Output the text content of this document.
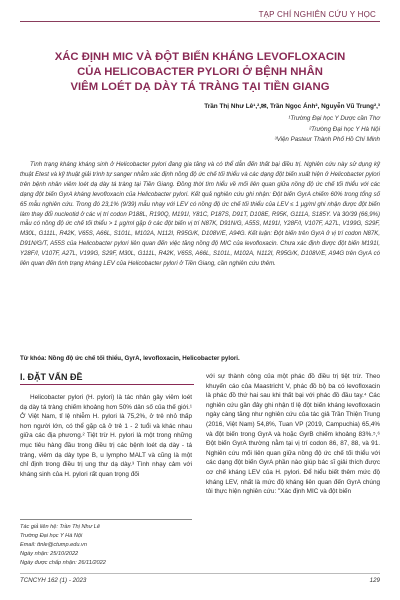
TẠP CHÍ NGHIÊN CỨU Y HỌC
XÁC ĐỊNH MIC VÀ ĐỘT BIẾN KHÁNG LEVOFLOXACIN
CỦA HELICOBACTER PYLORI Ở BỆNH NHÂN
VIÊM LOÉT DẠ DÀY TÁ TRÀNG TẠI TIỀN GIANG
Trần Thị Như Lê¹,²,✉, Trần Ngọc Ánh², Nguyễn Vũ Trung²,³
¹Trường Đại học Y Dược cần Thơ
²Trường Đại học Y Hà Nội
³Viện Pasteur Thành Phố Hồ Chí Minh
Tình trạng kháng kháng sinh ở Helicobacter pylori đang gia tăng và có thể dẫn đến thất bại điều trị. Nghiên cứu này sử dụng kỹ thuật Etest và kỹ thuật giải trình tự sanger nhằm xác định nồng độ ức chế tối thiểu và các dạng đột biến xuất hiện ở Helicobacter pylori trên bệnh nhân viêm loét dạ dày tá tràng tại Tiền Giang. Đồng thời tìm hiểu về mối liên quan giữa nồng độ ức chế tối thiểu với các dạng đột biến GyrA kháng levofloxacin của Helicobacter pylori. Kết quả nghiên cứu ghi nhận: Đột biến GyrA chiếm 60% trong tổng số 65 mẫu nghiên cứu. Trong đó 23,1% (9/39) mẫu nhạy với LEV có nồng độ ức chế tối thiểu của LEV ≤ 1 µg/ml ghi nhận được đột biến làm thay đổi nucleotid ở các vị trí codon P188L, R190Q, M191I, Y81C, P187S, D91T, D108E, R95K, G111A, S185Y. Và 30/39 (66,9%) mẫu có nồng độ ức chế tối thiểu > 1 µg/ml gặp ở các đột biến vị trí N87K, D91N/G, A55S, M191I, Y28F/I, V107F, A27L, V199G, S29F, M30L, G111L, R42K, V65S, A66L, S101L, M102A, N112I, R95G/K, D108V/E, A94G. Kết luận: Đột biến trên GyrA ở vị trí codon N87K, D91N/G/T, A55S của Helicobacter pylori liên quan đến việc tăng nồng độ MIC của levofloxacin. Chưa xác định được đột biến M191I, Y28F/I, V107F, A27L, V199G, S29F, M30L, G111L, R42K, V65S, A66L, S101L, M102A, N112I, R95G/K, D108V/E, A94G trên GyrA có liên quan đến tình trạng kháng LEV của Helicobacter pylori ở Tiền Giang, cần nghiên cứu thêm.
Từ khóa: Nồng độ ức chế tối thiểu, GyrA, levofloxacin, Helicobacter pylori.
I. ĐẶT VẤN ĐỀ
Helicobacter pylori (H. pylori) là tác nhân gây viêm loét dạ dày tá tràng chiếm khoảng hơn 50% dân số của thế giới.¹ Ở Việt Nam, tỉ lệ nhiễm H. pylori là 75,2%, ở trẻ nhỏ thấp hơn người lớn, có thể gặp cả ở trẻ 1 - 2 tuổi và khác nhau giữa các địa phương.² Tiệt trừ H. pylori là một trong những mục tiêu hàng đầu trong điều trị các bệnh loét dạ dày - tá tràng, viêm dạ dày type B, u lympho MALT và cũng là một chỉ định trong điều trị ung thư dạ dày.³ Tình nhạy cảm với kháng sinh của H. pylori rất quan trọng đối
với sự thành công của một phác đồ điều trị tiệt trừ. Theo khuyến cáo của Maastricht V, phác đồ bộ ba có levofloxacin là phác đồ thứ hai sau khi thất bại với phác đồ đầu tay.⁴ Các nghiên cứu gần đây ghi nhận tỉ lệ đột biến kháng levofloxacin ngày càng tăng như nghiên cứu của tác giả Trần Thiện Trung (2016, Việt Nam) 54,8%, Tuan VP (2019, Campuchia) 65,4% và đột biến trong GyrA và hoặc GyrB chiếm khoảng 83%.⁵,⁶ Đột biến GyrA thường nằm tại vị trí codon 86, 87, 88, và 91. Nghiên cứu mối liên quan giữa nồng độ ức chế tối thiểu với các dạng đột biến GyrA phần nào giúp bác sĩ giải thích được cơ chế kháng LEV của H. pylori. Để hiểu biết thêm mức độ kháng LEV, nhất là mức độ kháng liên quan đến GyrA chúng tôi thực hiện nghiên cứu: "Xác định MIC và đột biến
Tác giả liên hệ: Trần Thị Như Lê
Trường Đại học Y Hà Nội
Email: ttnle@ctump.edu.vn
Ngày nhận: 25/10/2022
Ngày được chấp nhận: 26/11/2022
TCNCYH 162 (1) - 2023	129
